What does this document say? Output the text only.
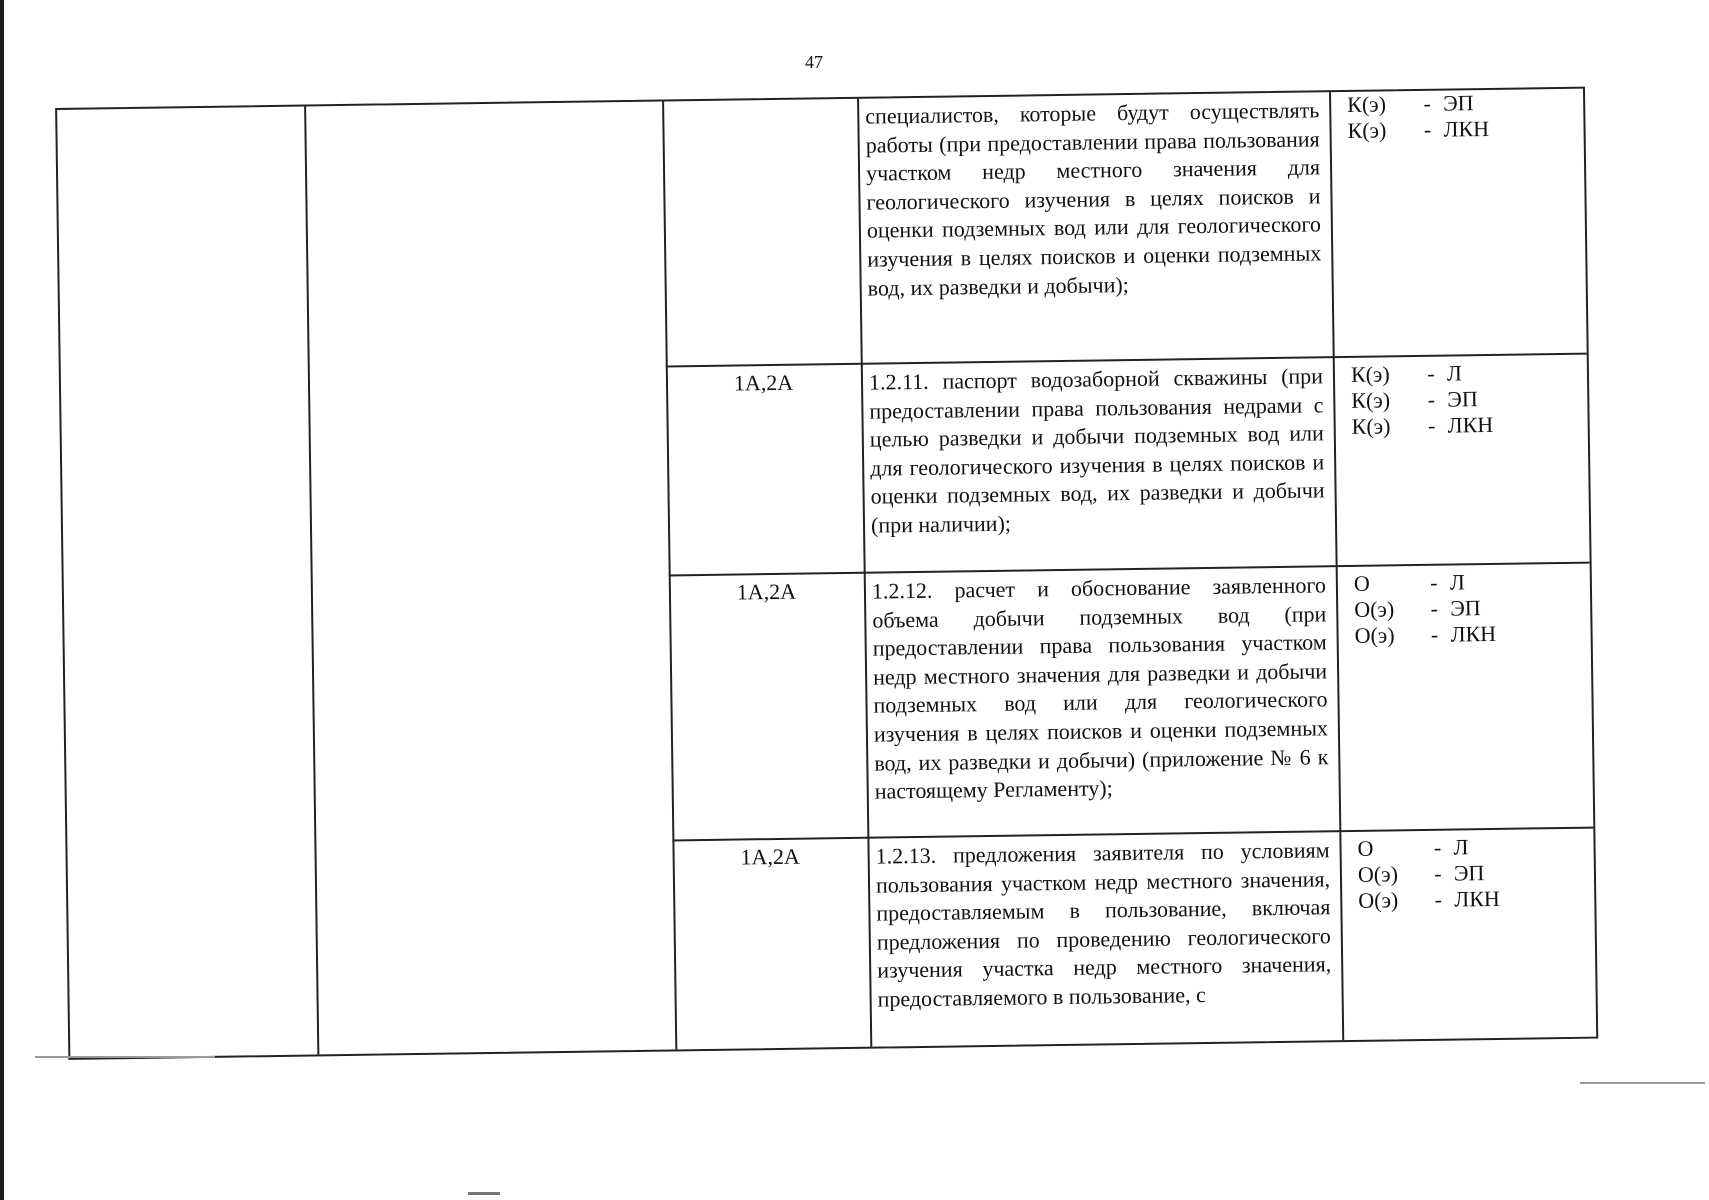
47
специалистов, которые будут осуществлять работы (при предоставлении права пользования участком недр местного значения для геологического изучения в целях поисков и оценки подземных вод или для геологического изучения в целях поисков и оценки подземных вод, их разведки и добычи);
К(э)	- ЭП
К(э)	- ЛКН
1А,2А	1.2.11. паспорт водозаборной скважины (при предоставлении права пользования недрами с целью разведки и добычи подземных вод или для геологического изучения в целях поисков и оценки подземных вод, их разведки и добычи (при наличии);
К(э)	- Л
К(э)	- ЭП
К(э)	- ЛКН
1А,2А	1.2.12. расчет и обоснование заявленного объема добычи подземных вод (при предоставлении права пользования участком недр местного значения для разведки и добычи подземных вод или для геологического изучения в целях поисков и оценки подземных вод, их разведки и добычи) (приложение № 6 к настоящему Регламенту);
О	- Л
О(э)	- ЭП
О(э)	- ЛКН
1А,2А	1.2.13. предложения заявителя по условиям пользования участком недр местного значения, предоставляемым в пользование, включая предложения по проведению геологического изучения участка недр местного значения, предоставляемого в пользование, с
О	- Л
О(э)	- ЭП
О(э)	- ЛКН
